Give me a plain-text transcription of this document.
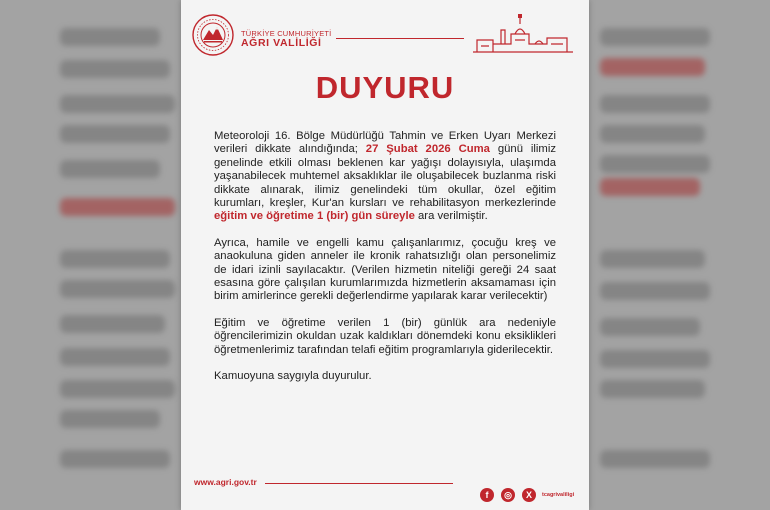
TÜRKİYE CUMHURİYETİ
AĞRI VALİLİĞİ
DUYURU

Meteoroloji 16. Bölge Müdürlüğü Tahmin ve Erken Uyarı Merkezi verileri dikkate alındığında; 27 Şubat 2026 Cuma günü ilimiz genelinde etkili olması beklenen kar yağışı dolayısıyla, ulaşımda yaşanabilecek muhtemel aksaklıklar ile oluşabilecek buzlanma riski dikkate alınarak, ilimiz genelindeki tüm okullar, özel eğitim kurumları, kreşler, Kur'an kursları ve rehabilitasyon merkezlerinde eğitim ve öğretime 1 (bir) gün süreyle ara verilmiştir.

Ayrıca, hamile ve engelli kamu çalışanlarımız, çocuğu kreş ve anaokuluna giden anneler ile kronik rahatsızlığı olan personelimiz de idari izinli sayılacaktır. (Verilen hizmetin niteliği gereği 24 saat esasına göre çalışılan kurumlarımızda hizmetlerin aksamaması için birim amirlerince gerekli değerlendirme yapılarak karar verilecektir)

Eğitim ve öğretime verilen 1 (bir) günlük ara nedeniyle öğrencilerimizin okuldan uzak kaldıkları dönemdeki konu eksiklikleri öğretmenlerimiz tarafından telafi eğitim programlarıyla giderilecektir.

Kamuoyuna saygıyla duyurulur.

www.agri.gov.tr
f	◎	X	tcagrivaliligi
